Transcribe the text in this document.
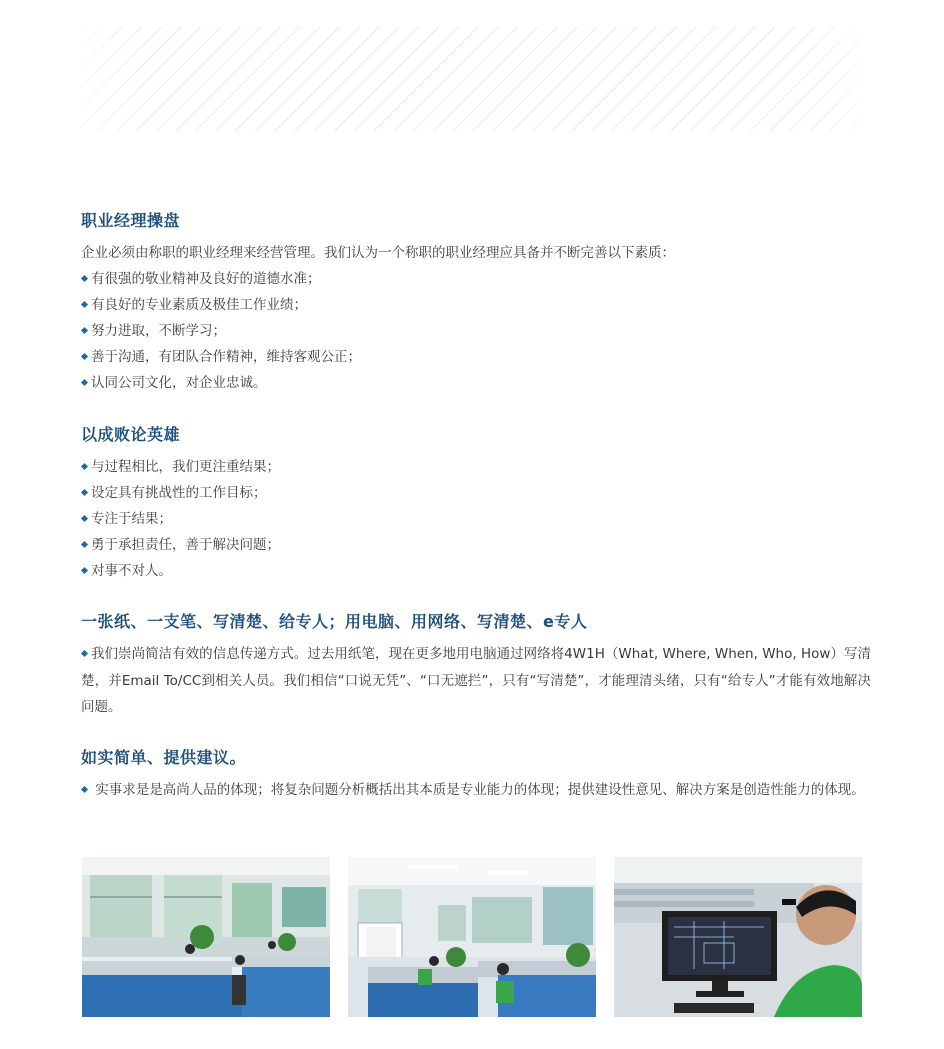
职业经理操盘

企业必须由称职的职业经理来经营管理。我们认为一个称职的职业经理应具备并不断完善以下素质：

有很强的敬业精神及良好的道德水准；

有良好的专业素质及极佳工作业绩；

努力进取，不断学习；

善于沟通，有团队合作精神，维持客观公正；

认同公司文化，对企业忠诚。

以成败论英雄

与过程相比，我们更注重结果；

设定具有挑战性的工作目标；

专注于结果；

勇于承担责任，善于解决问题；

对事不对人。

一张纸、一支笔、写清楚、给专人；用电脑、用网络、写清楚、e专人

我们崇尚简洁有效的信息传递方式。过去用纸笔，现在更多地用电脑通过网络将4W1H（What, Where, When, Who, How）写清楚，并Email To/CC到相关人员。我们相信“口说无凭”、“口无遮拦”，只有“写清楚”，才能理清头绪，只有“给专人”才能有效地解决问题。

如实简单、提供建议。

实事求是是高尚人品的体现；将复杂问题分析概括出其本质是专业能力的体现；提供建设性意见、解决方案是创造性能力的体现。
